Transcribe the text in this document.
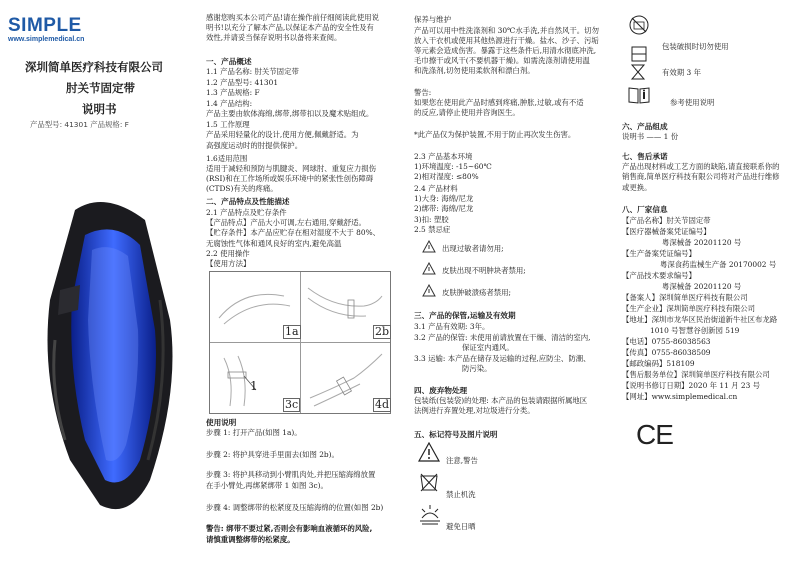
SIMPLE
www.simplemedical.cn
深圳简单医疗科技有限公司
肘关节固定带
说明书
产品型号: 41301 产品规格: F
感谢您购买本公司产品!请在操作前仔细阅读此使用说
明书!以充分了解本产品,以保证本产品的安全性及有
效性,并请妥当保存说明书以备将来查阅。
一、产品概述
1.1 产品名称: 肘关节固定带
1.2 产品型号: 41301
1.3 产品规格: F
1.4 产品结构:
产品主要由软体海绵,绑带,绑带扣以及魔术贴组成。
1.5 工作原理
产品采用轻量化的设计,使用方便,佩戴舒适。为
高强度运动时的肘提供保护。
1.6适用范围
适用于减轻和预防与肌腱炎、网球肘、重复应力损伤
(RSI)和在工作场所或娱乐环境中的紧张性创伤障碍
(CTDS)有关的疼痛。
二、产品特点及性能描述
2.1 产品特点及贮存条件
【产品特点】产品大小可调,左右通用,穿戴舒适。
【贮存条件】本产品应贮存在相对湿度不大于 80%、
无腐蚀性气体和通风良好的室内,避免高温
2.2 使用操作
【使用方法】
1a	2b
3c	4d
1
使用说明
步骤 1: 打开产品(如图 1a)。
步骤 2: 将护具穿进手里面去(如图 2b)。
步骤 3: 将护具移动到小臂肌肉处,并把压缩海绵放置
在手小臂处,再绑紧绑带 1 如图 3c)。
步骤 4: 调整绑带的松紧度及压缩海绵的位置(如图 2b)
警告: 绑带不要过紧,否则会有影响血液循环的风险,
请慎重调整绑带的松紧度。
保养与维护
产品可以用中性洗涤剂和 30℃水手洗,并自然风干。切勿
放入干衣机或使用其他热源进行干燥。盐水、沙子、污垢
等元素会造成伤害。暴露于这些条件后,用清水彻底冲洗,
毛巾擦干或风干(不要机器干燥)。如需洗涤剂请使用温
和洗涤剂,切勿使用柔软剂和漂白剂。
警告:
如果您在使用此产品时感到疼痛,肿胀,过敏,或有不适
的反应,请停止使用并咨询医生。
*此产品仅为保护装置,不用于防止再次发生伤害。
2.3 产品基本环境
1)环境温度: -15~60℃
2)相对湿度: ≤80%
2.4 产品材料
1)大身: 海绵/尼龙
2)绑带: 海绵/尼龙
3)扣: 塑胶
2.5 禁忌症
出现过敏者请勿用;
皮肤出现不明肿块者禁用;
皮肤肿破溃疡者禁用;
三、产品的保管,运输及有效期
3.1 产品有效期: 3年。
3.2 产品的保管: 未使用前请放置在干燥、清洁的室内,
保证室内通风。
3.3 运输: 本产品在储存及运输的过程,应防尘、防潮、
防污染。
四、废弃物处理
包装纸(包装袋)的处理: 本产品的包装请跟据所属地区
法例进行弃置处理,对垃圾进行分类。
五、标记符号及图片说明
注意,警告
禁止机洗
避免日晒
包装破损时切勿使用
有效期 3 年
参考使用说明
六、产品组成
说明书 —— 1 份
七、售后承诺
产品出现材料或工艺方面的缺陷,请直接联系你的
销售商,简单医疗科技有限公司将对产品进行维修
或更换。
八、厂家信息
【产品名称】肘关节固定带
【医疗器械备案凭证编号】
粤深械备 20201120 号
【生产备案凭证编号】
粤深食药监械生产备 20170002 号
【产品技术要求编号】
粤深械备 20201120 号
【备案人】深圳简单医疗科技有限公司
【生产企业】深圳简单医疗科技有限公司
【地址】深圳市龙华区民治街道新牛社区布龙路
1010 号智慧谷创新园 519
【电话】0755-86038563
【传真】0755-86038509
【邮政编码】518109
【售后服务单位】深圳简单医疗科技有限公司
【说明书修订日期】2020 年 11 月 23 号
【网址】www.simplemedical.cn
CE
